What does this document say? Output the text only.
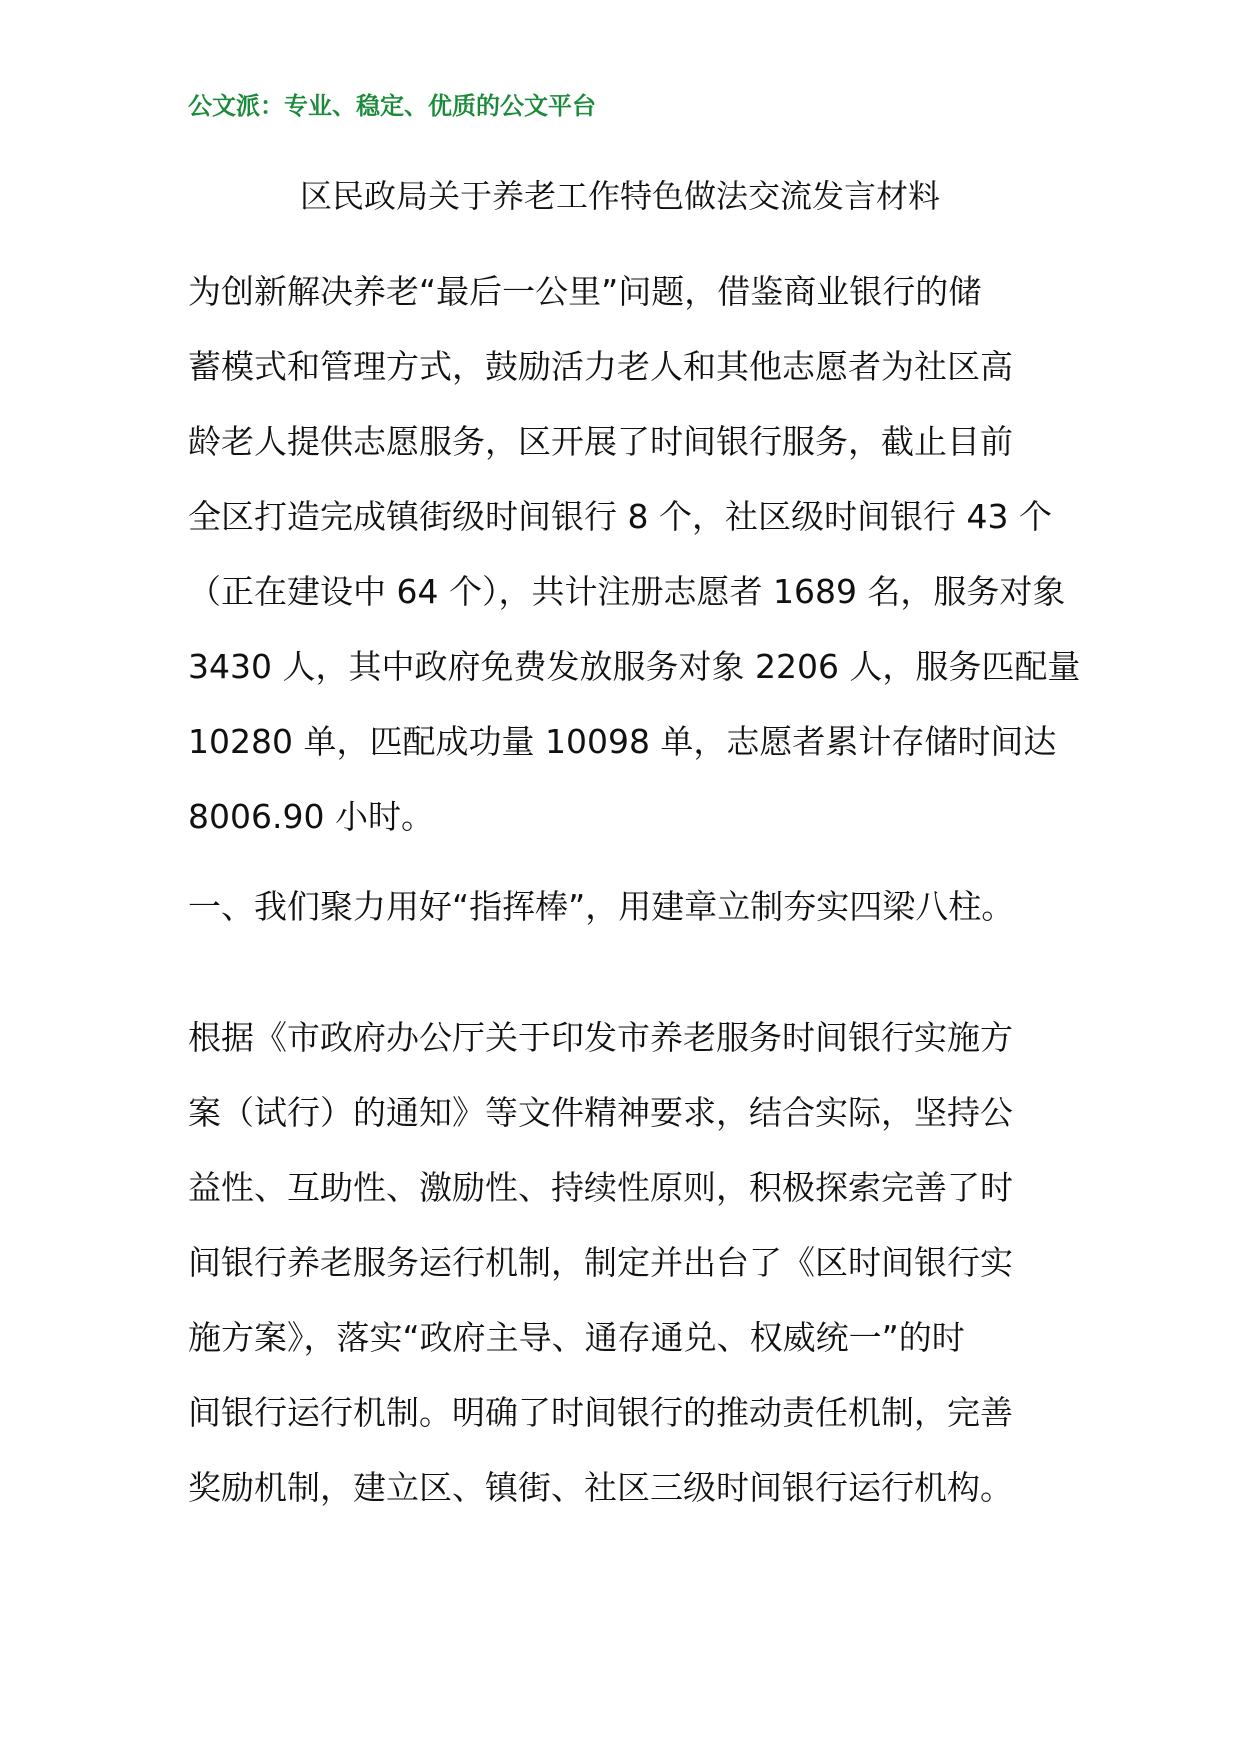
公文派：专业、稳定、优质的公文平台
区民政局关于养老工作特色做法交流发言材料
为创新解决养老“最后一公里”问题，借鉴商业银行的储
蓄模式和管理方式，鼓励活力老人和其他志愿者为社区高
龄老人提供志愿服务，区开展了时间银行服务，截止目前
全区打造完成镇街级时间银行 8 个，社区级时间银行 43 个
（正在建设中 64 个），共计注册志愿者 1689 名，服务对象
3430 人，其中政府免费发放服务对象 2206 人，服务匹配量
10280 单，匹配成功量 10098 单，志愿者累计存储时间达
8006.90 小时。
一、我们聚力用好“指挥棒”，用建章立制夯实四梁八柱。
根据《市政府办公厅关于印发市养老服务时间银行实施方
案（试行）的通知》等文件精神要求，结合实际，坚持公
益性、互助性、激励性、持续性原则，积极探索完善了时
间银行养老服务运行机制，制定并出台了《区时间银行实
施方案》，落实“政府主导、通存通兑、权威统一”的时
间银行运行机制。明确了时间银行的推动责任机制，完善
奖励机制，建立区、镇街、社区三级时间银行运行机构。
